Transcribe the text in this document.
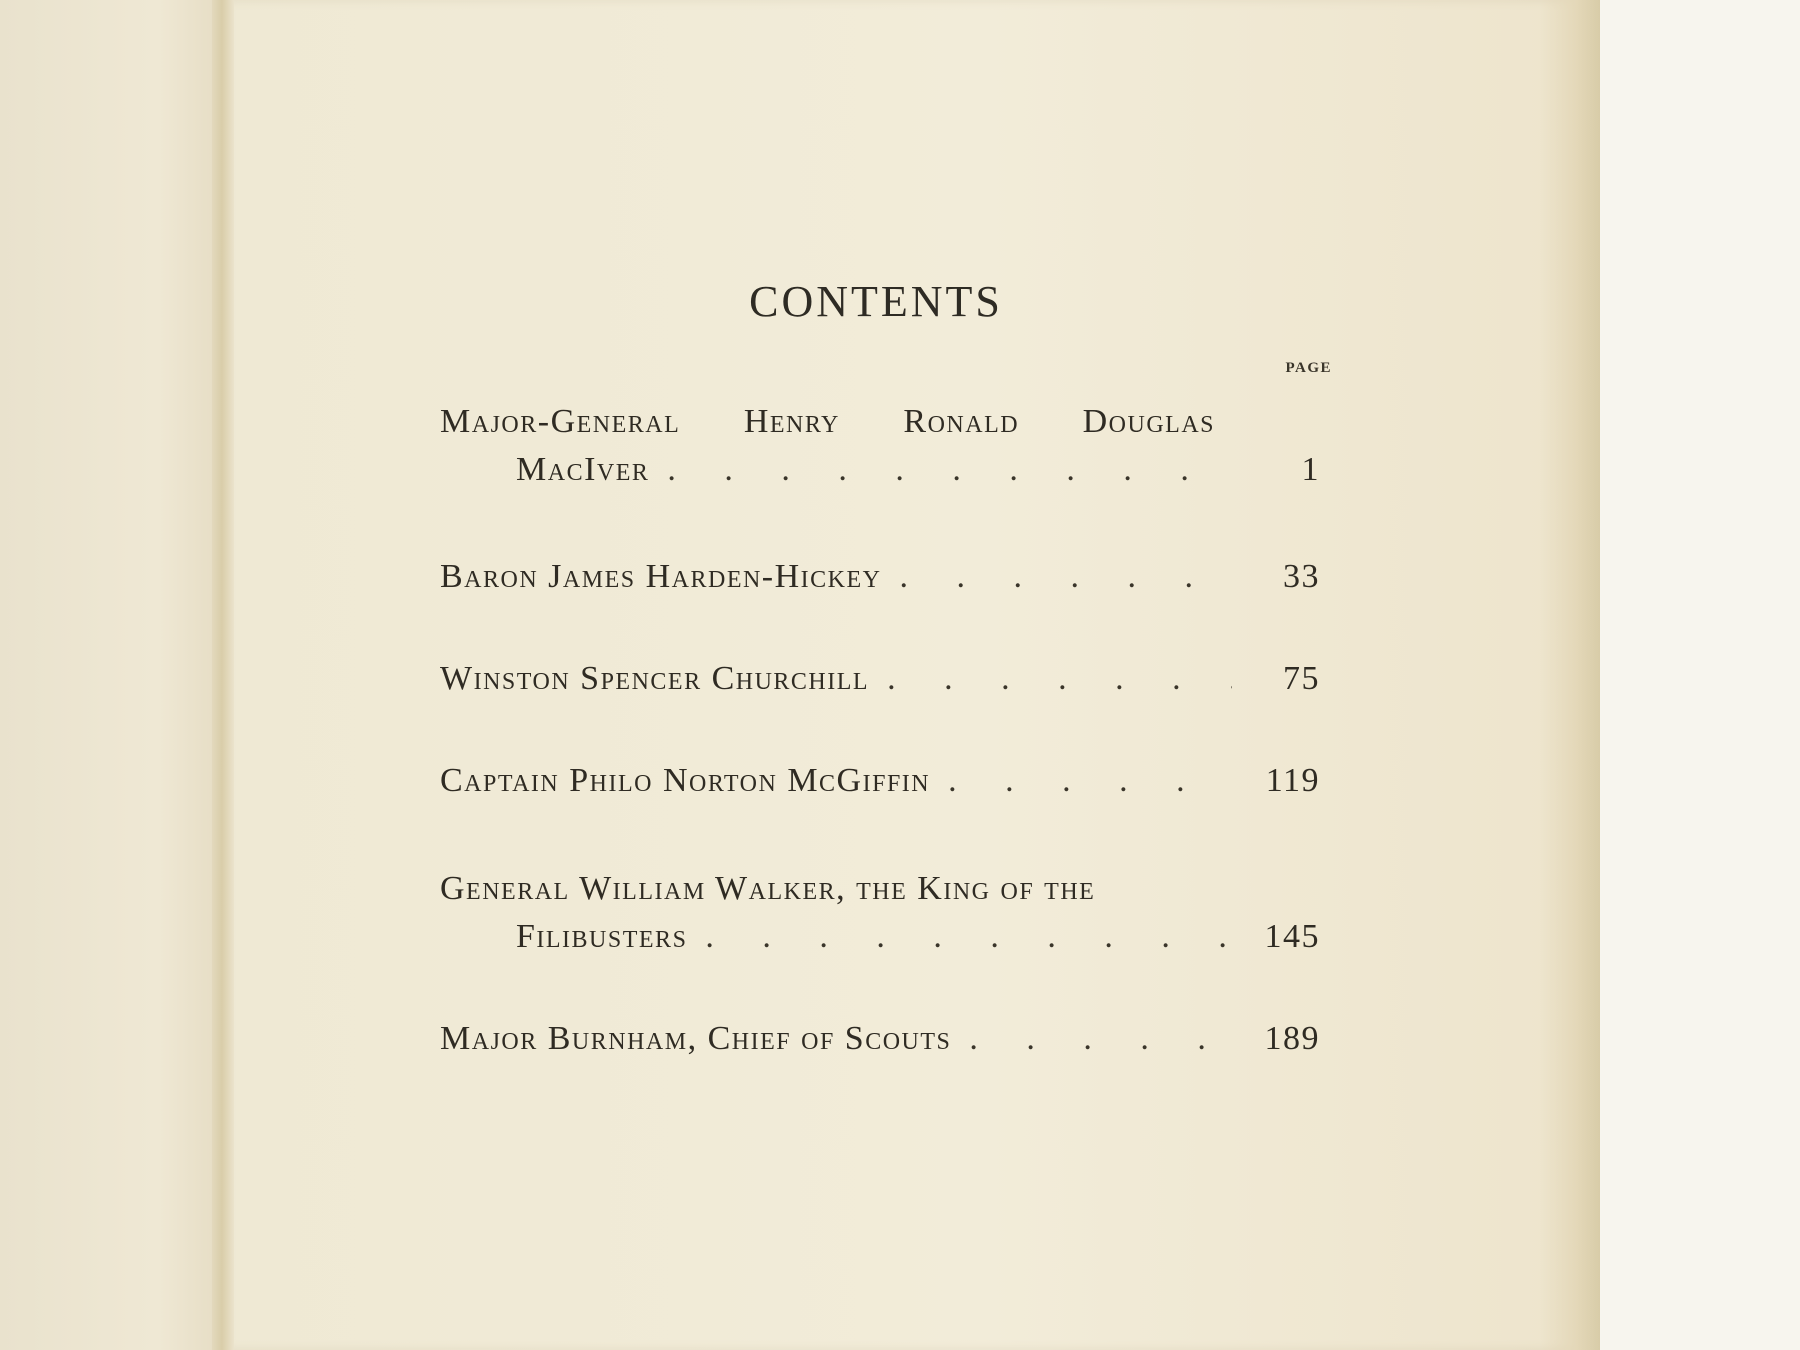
CONTENTS
PAGE
Major-General Henry Ronald Douglas
MacIver . . .	1
Baron James Harden-Hickey . . .	33
Winston Spencer Churchill . . .	75
Captain Philo Norton McGiffin . . .	119
General William Walker, the King of the
Filibusters . . .	145
Major Burnham, Chief of Scouts . . .	189
